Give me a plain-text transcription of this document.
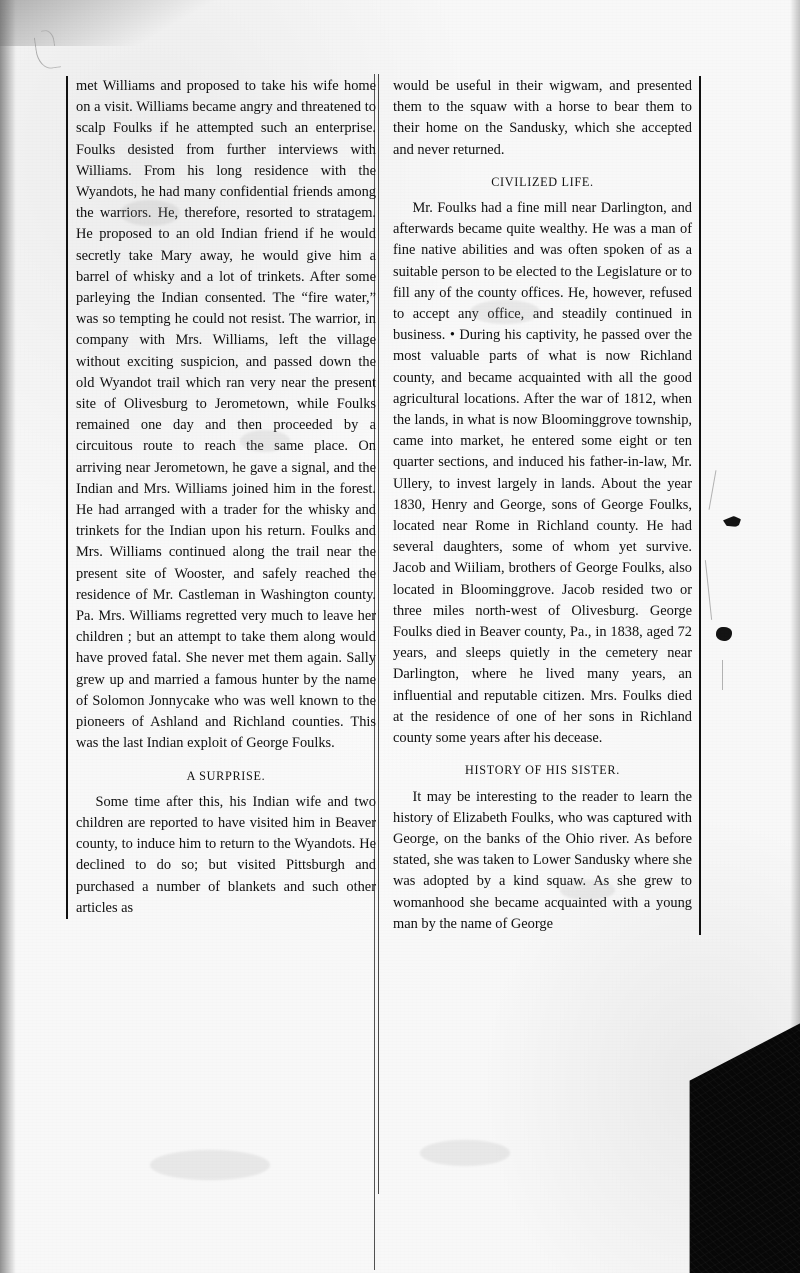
met Williams and proposed to take his wife home on a visit. Williams became angry and threatened to scalp Foulks if he attempted such an enterprise. Foulks desisted from further interviews with Williams. From his long residence with the Wyandots, he had many confidential friends among the warriors. He, therefore, resorted to stratagem. He proposed to an old Indian friend if he would secretly take Mary away, he would give him a barrel of whisky and a lot of trinkets. After some parleying the Indian consented. The “fire water,” was so tempting he could not resist. The warrior, in company with Mrs. Williams, left the village without exciting suspicion, and passed down the old Wyandot trail which ran very near the present site of Olivesburg to Jerometown, while Foulks remained one day and then proceeded by a circuitous route to reach the same place. On arriving near Jerometown, he gave a signal, and the Indian and Mrs. Williams joined him in the forest. He had arranged with a trader for the whisky and trinkets for the Indian upon his return. Foulks and Mrs. Williams continued along the trail near the present site of Wooster, and safely reached the residence of Mr. Castleman in Washington county. Pa. Mrs. Williams regretted very much to leave her children ; but an attempt to take them along would have proved fatal. She never met them again. Sally grew up and married a famous hunter by the name of Solomon Jonnycake who was well known to the pioneers of Ashland and Richland counties. This was the last Indian exploit of George Foulks.

A SURPRISE.

Some time after this, his Indian wife and two children are reported to have visited him in Beaver county, to induce him to return to the Wyandots. He declined to do so; but visited Pittsburgh and purchased a number of blankets and such other articles as

would be useful in their wigwam, and presented them to the squaw with a horse to bear them to their home on the Sandusky, which she accepted and never returned.

CIVILIZED LIFE.

Mr. Foulks had a fine mill near Darlington, and afterwards became quite wealthy. He was a man of fine native abilities and was often spoken of as a suitable person to be elected to the Legislature or to fill any of the county offices. He, however, refused to accept any office, and steadily continued in business. • During his captivity, he passed over the most valuable parts of what is now Richland county, and became acquainted with all the good agricultural locations. After the war of 1812, when the lands, in what is now Bloominggrove township, came into market, he entered some eight or ten quarter sections, and induced his father-in-law, Mr. Ullery, to invest largely in lands. About the year 1830, Henry and George, sons of George Foulks, located near Rome in Richland county. He had several daughters, some of whom yet survive. Jacob and Wiiliam, brothers of George Foulks, also located in Bloominggrove. Jacob resided two or three miles north-west of Olivesburg. George Foulks died in Beaver county, Pa., in 1838, aged 72 years, and sleeps quietly in the cemetery near Darlington, where he lived many years, an influential and reputable citizen. Mrs. Foulks died at the residence of one of her sons in Richland county some years after his decease.

HISTORY OF HIS SISTER.

It may be interesting to the reader to learn the history of Elizabeth Foulks, who was captured with George, on the banks of the Ohio river. As before stated, she was taken to Lower Sandusky where she was adopted by a kind squaw. As she grew to womanhood she became acquainted with a young man by the name of George
